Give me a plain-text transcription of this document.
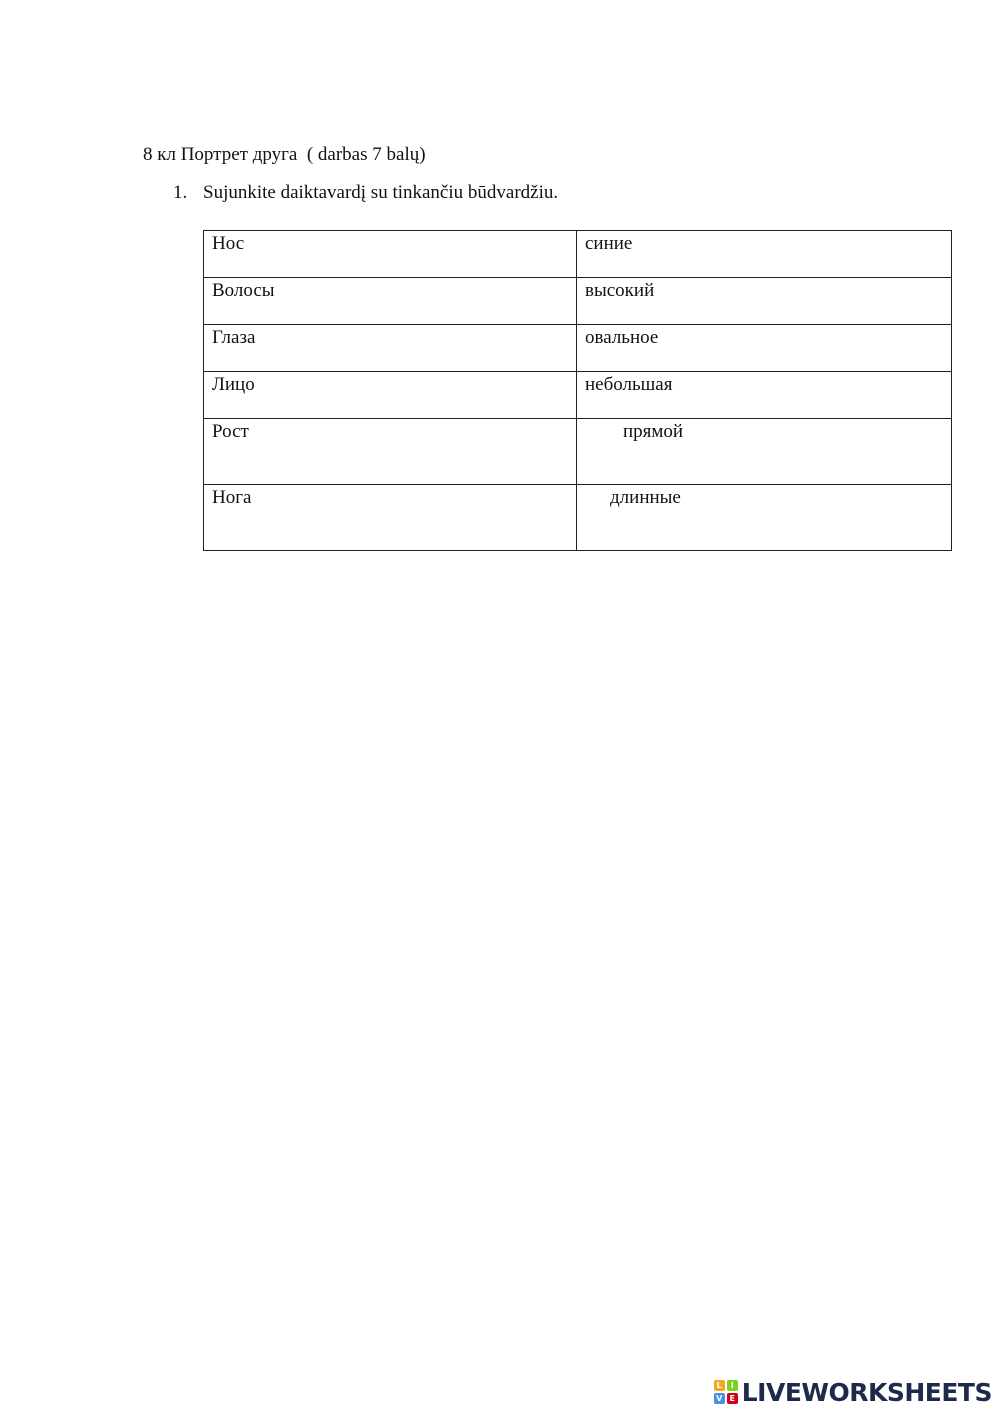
8 кл Портрет друга  ( darbas 7 balų)
1. Sujunkite daiktavardį su tinkančiu būdvardžiu.
Нос	синие
Волосы	высокий
Глаза	овальное
Лицо	небольшая
Рост	прямой
Нога	длинные
L	I
V E LIVEWORKSHEETS
